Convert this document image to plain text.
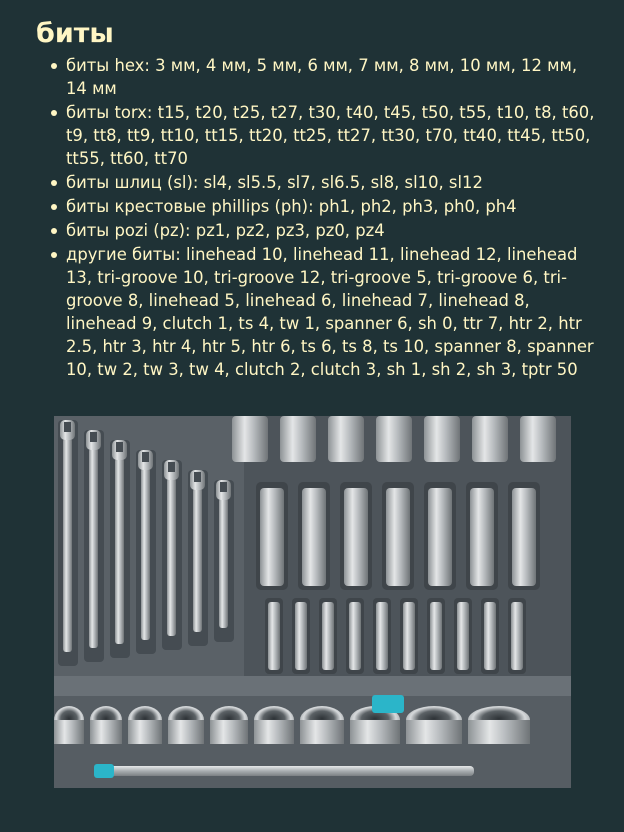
биты
биты hex: 3 мм, 4 мм, 5 мм, 6 мм, 7 мм, 8 мм, 10 мм, 12 мм, 14 мм
биты torx: t15, t20, t25, t27, t30, t40, t45, t50, t55, t10, t8, t60, t9, tt8, tt9, tt10, tt15, tt20, tt25, tt27, tt30, t70, tt40, tt45, tt50, tt55, tt60, tt70
биты шлиц (sl): sl4, sl5.5, sl7, sl6.5, sl8, sl10, sl12
биты крестовые phillips (ph): ph1, ph2, ph3, ph0, ph4
биты pozi (pz): pz1, pz2, pz3, pz0, pz4
другие биты: linehead 10, linehead 11, linehead 12, linehead 13, tri-groove 10, tri-groove 12, tri-groove 5, tri-groove 6, tri-groove 8, linehead 5, linehead 6, linehead 7, linehead 8, linehead 9, clutch 1, ts 4, tw 1, spanner 6, sh 0, ttr 7, htr 2, htr 2.5, htr 3, htr 4, htr 5, htr 6, ts 6, ts 8, ts 10, spanner 8, spanner 10, tw 2, tw 3, tw 4, clutch 2, clutch 3, sh 1, sh 2, sh 3, tptr 50
